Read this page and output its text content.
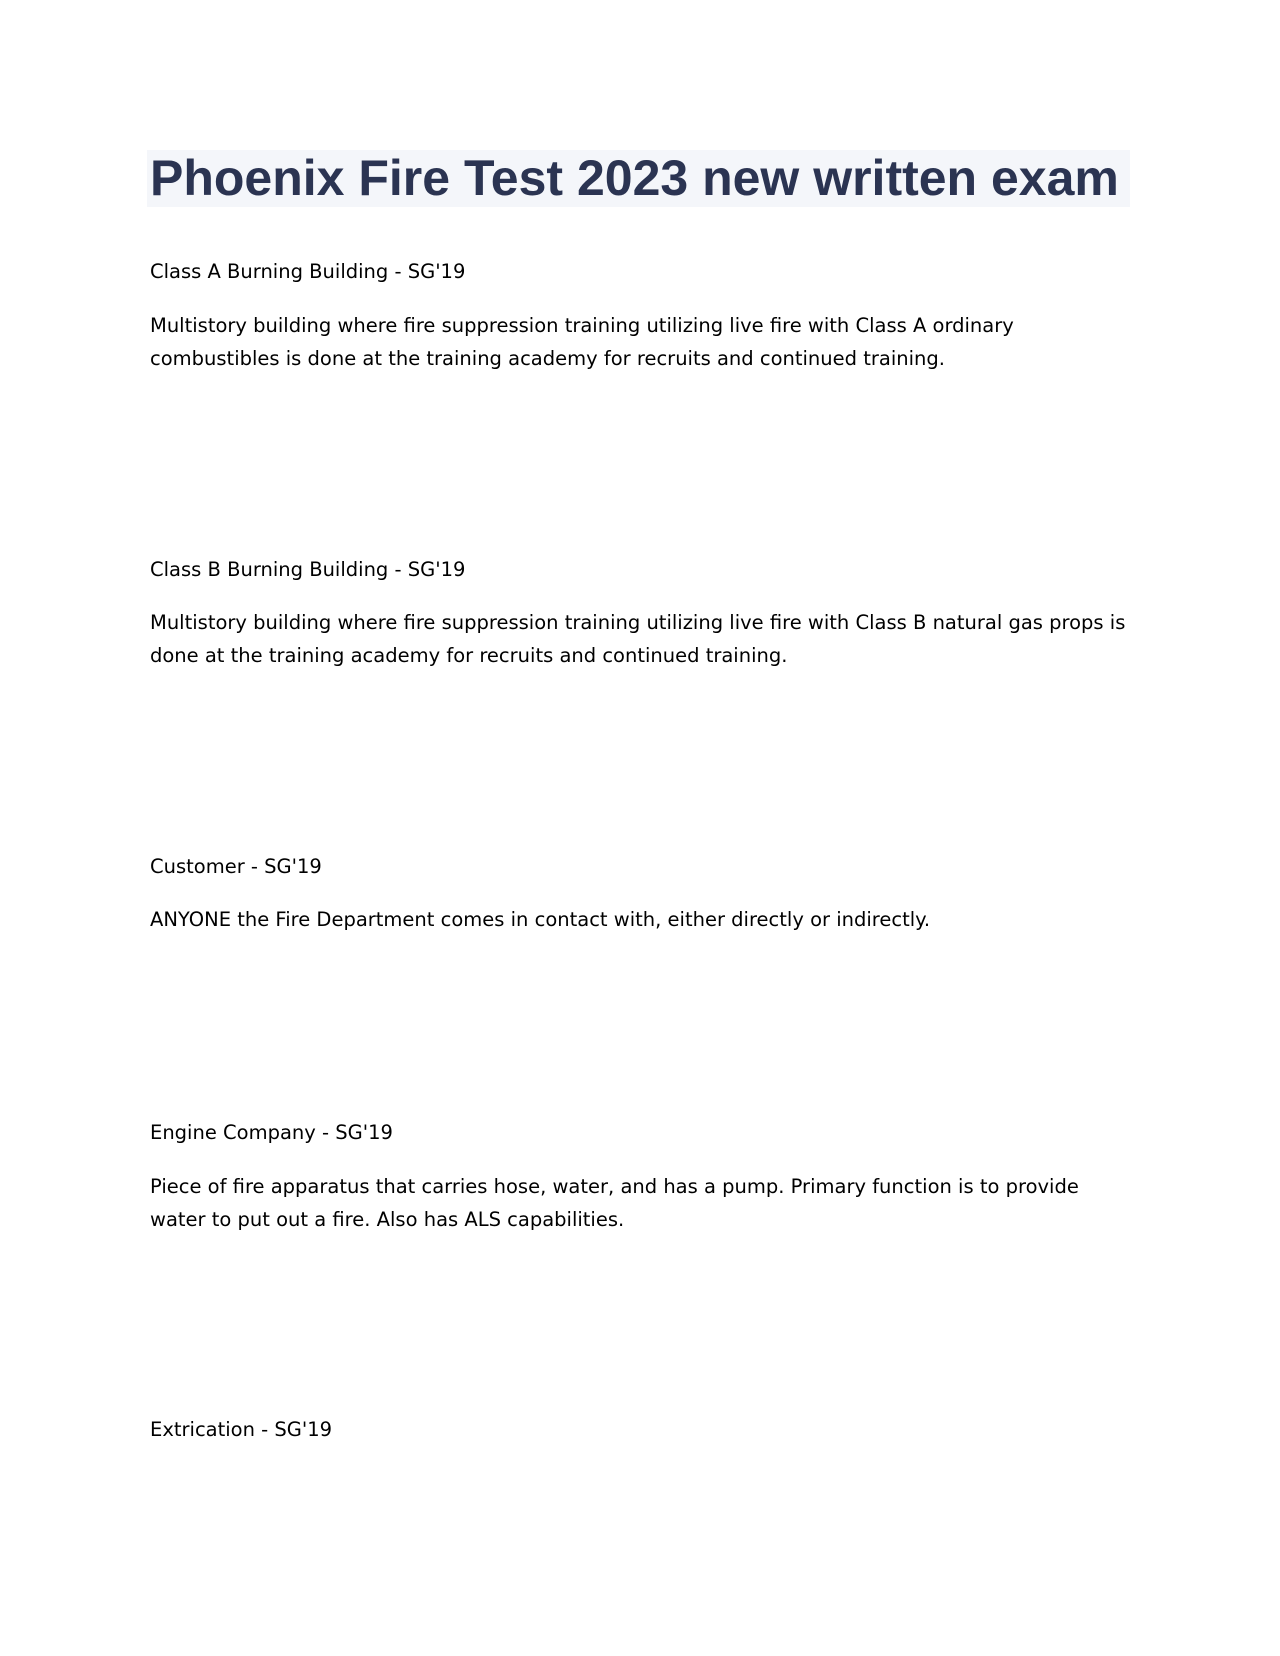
Phoenix Fire Test 2023 new written exam

Class A Burning Building - SG'19

Multistory building where fire suppression training utilizing live fire with Class A ordinary combustibles is done at the training academy for recruits and continued training.

Class B Burning Building - SG'19

Multistory building where fire suppression training utilizing live fire with Class B natural gas props is done at the training academy for recruits and continued training.

Customer - SG'19

ANYONE the Fire Department comes in contact with, either directly or indirectly.

Engine Company - SG'19

Piece of fire apparatus that carries hose, water, and has a pump. Primary function is to provide water to put out a fire. Also has ALS capabilities.

Extrication - SG'19
